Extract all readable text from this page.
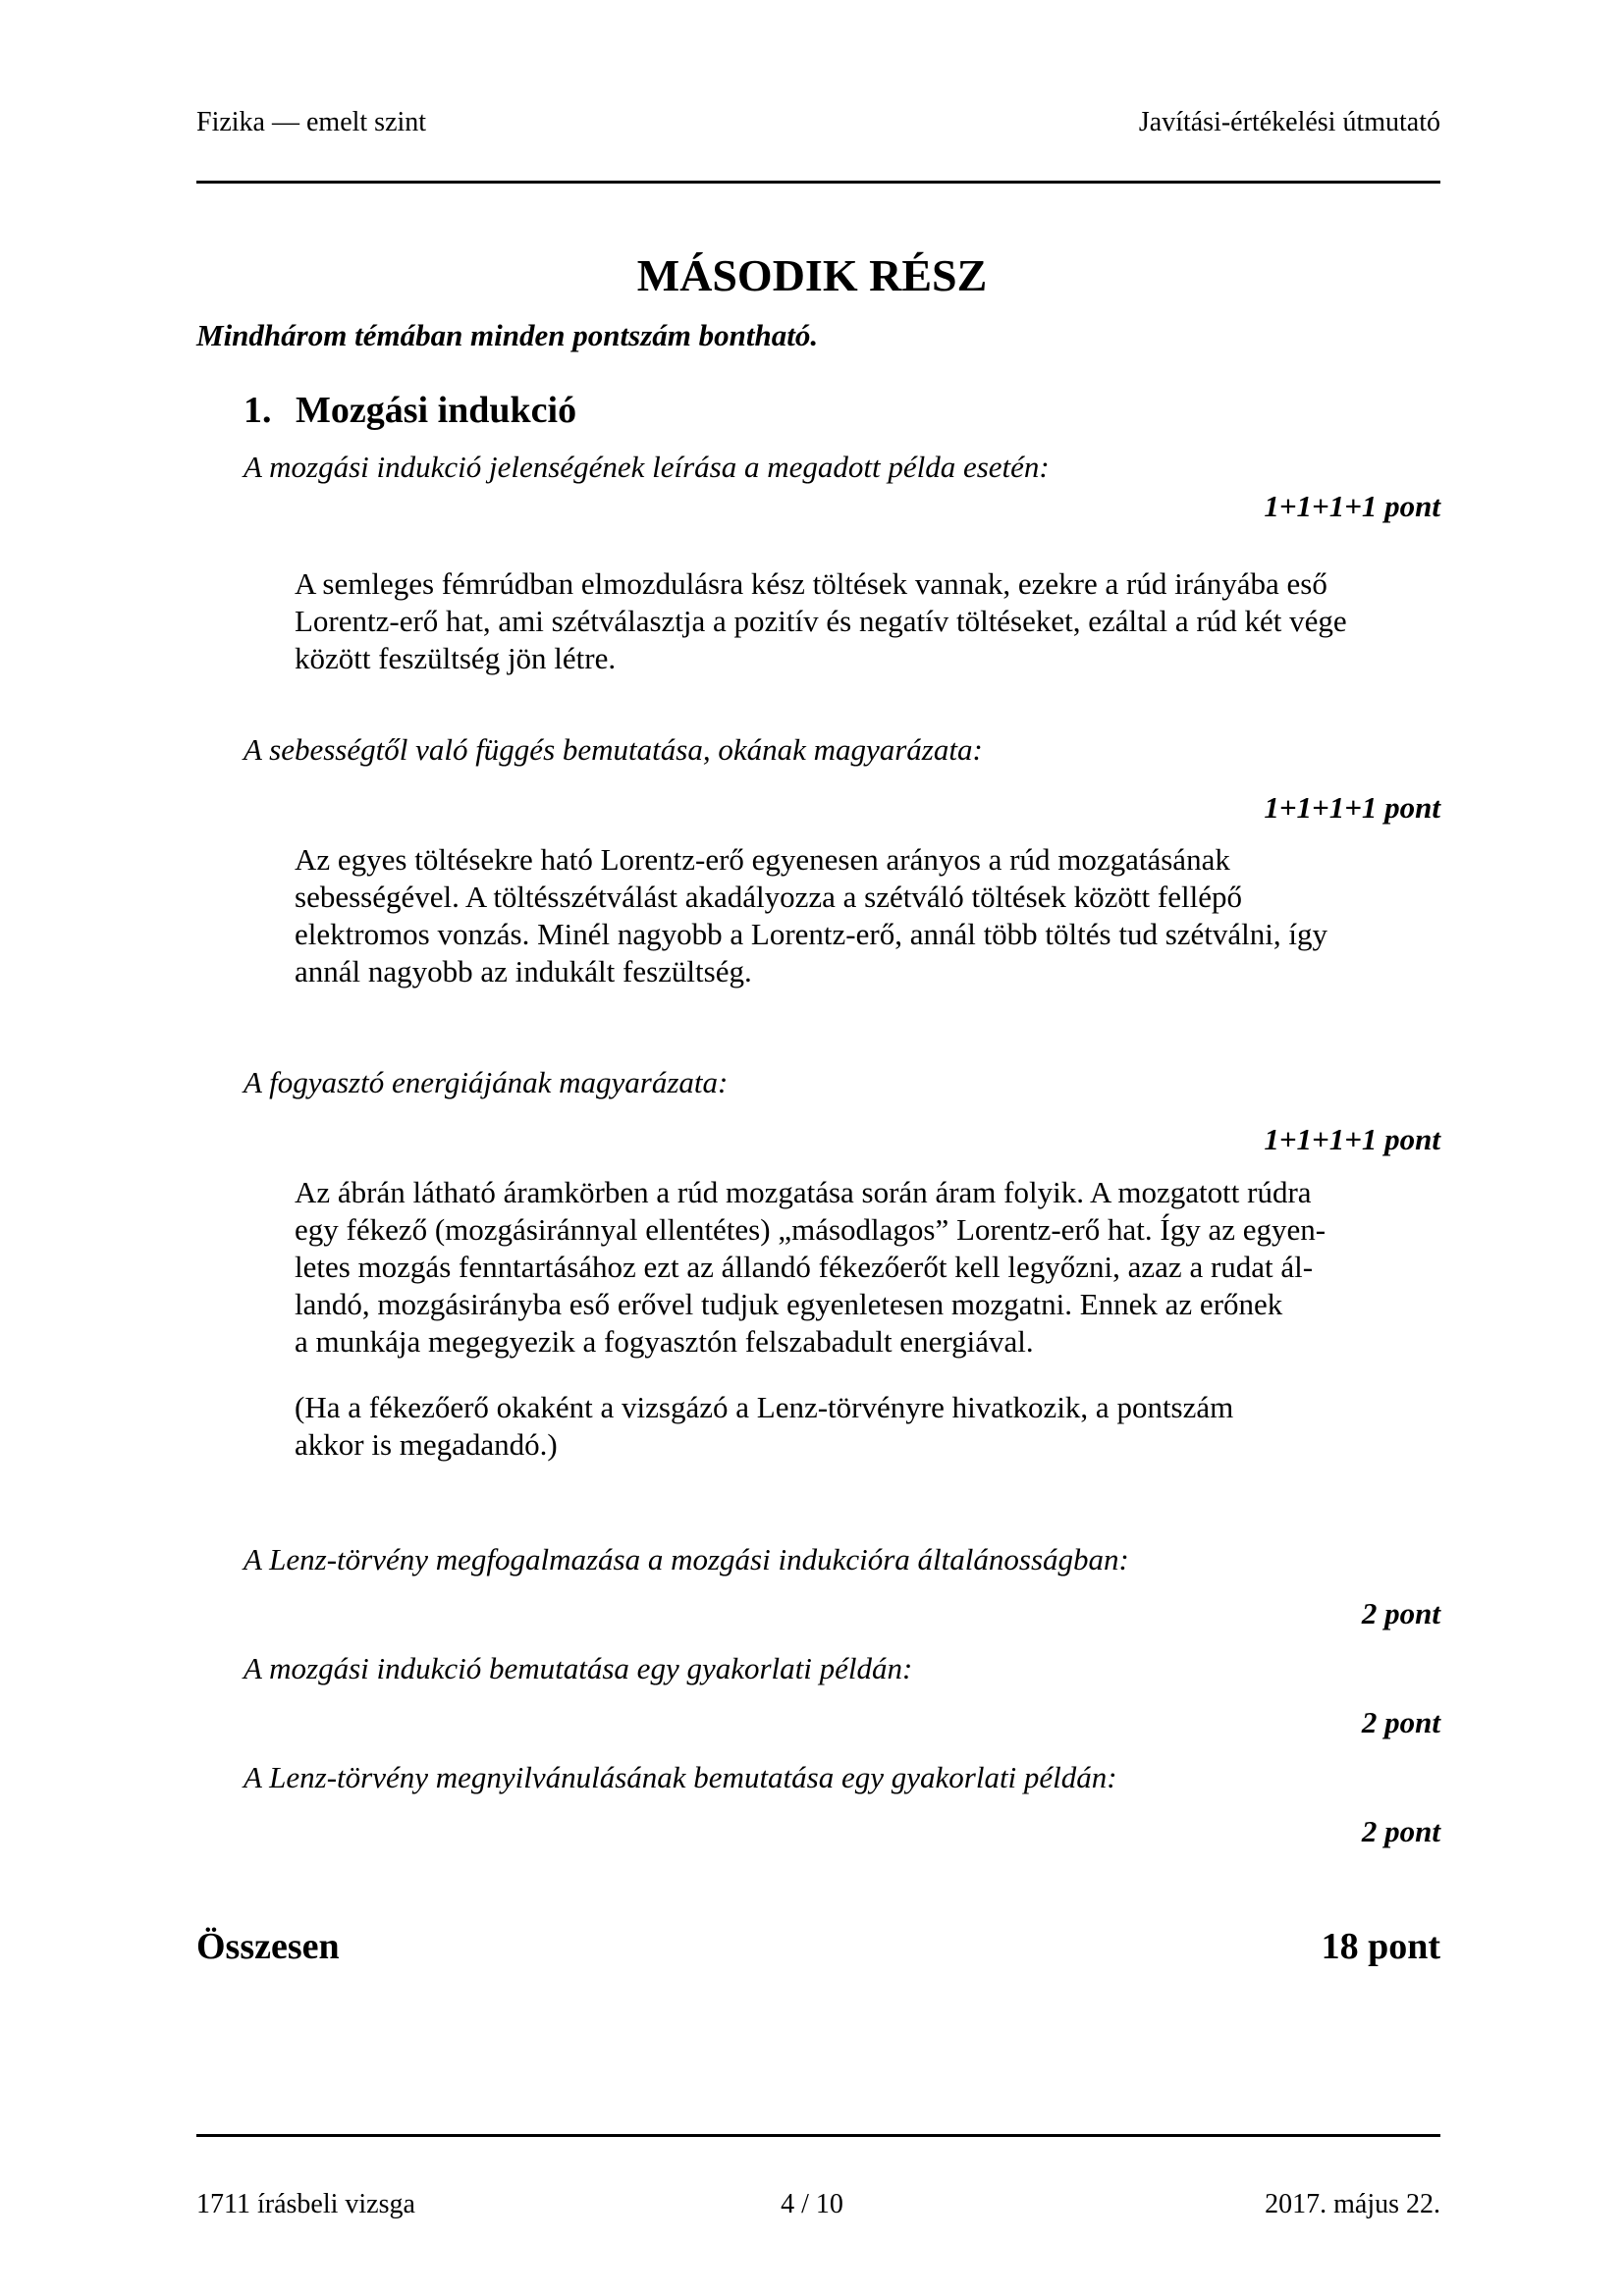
Fizika — emelt szint	Javítási-értékelési útmutató
MÁSODIK RÉSZ
Mindhárom témában minden pontszám bontható.
1. Mozgási indukció
A mozgási indukció jelenségének leírása a megadott példa esetén:
1+1+1+1 pont

A semleges fémrúdban elmozdulásra kész töltések vannak, ezekre a rúd irányába eső

Lorentz-erő hat, ami szétválasztja a pozitív és negatív töltéseket, ezáltal a rúd két vége

között feszültség jön létre.

A sebességtől való függés bemutatása, okának magyarázata:
1+1+1+1 pont

Az egyes töltésekre ható Lorentz-erő egyenesen arányos a rúd mozgatásának

sebességével. A töltésszétválást akadályozza a szétváló töltések között fellépő

elektromos vonzás. Minél nagyobb a Lorentz-erő, annál több töltés tud szétválni, így

annál nagyobb az indukált feszültség.

A fogyasztó energiájának magyarázata:
1+1+1+1 pont

Az ábrán látható áramkörben a rúd mozgatása során áram folyik. A mozgatott rúdra

egy fékező (mozgásiránnyal ellentétes) „másodlagos” Lorentz-erő hat. Így az egyen-

letes mozgás fenntartásához ezt az állandó fékezőerőt kell legyőzni, azaz a rudat ál-

landó, mozgásirányba eső erővel tudjuk egyenletesen mozgatni. Ennek az erőnek

a munkája megegyezik a fogyasztón felszabadult energiával.

(Ha a fékezőerő okaként a vizsgázó a Lenz-törvényre hivatkozik, a pontszám

akkor is megadandó.)

A Lenz-törvény megfogalmazása a mozgási indukcióra általánosságban:
2 pont
A mozgási indukció bemutatása egy gyakorlati példán:
2 pont
A Lenz-törvény megnyilvánulásának bemutatása egy gyakorlati példán:
2 pont
Összesen	18 pont
1711 írásbeli vizsga	4 / 10	2017. május 22.
